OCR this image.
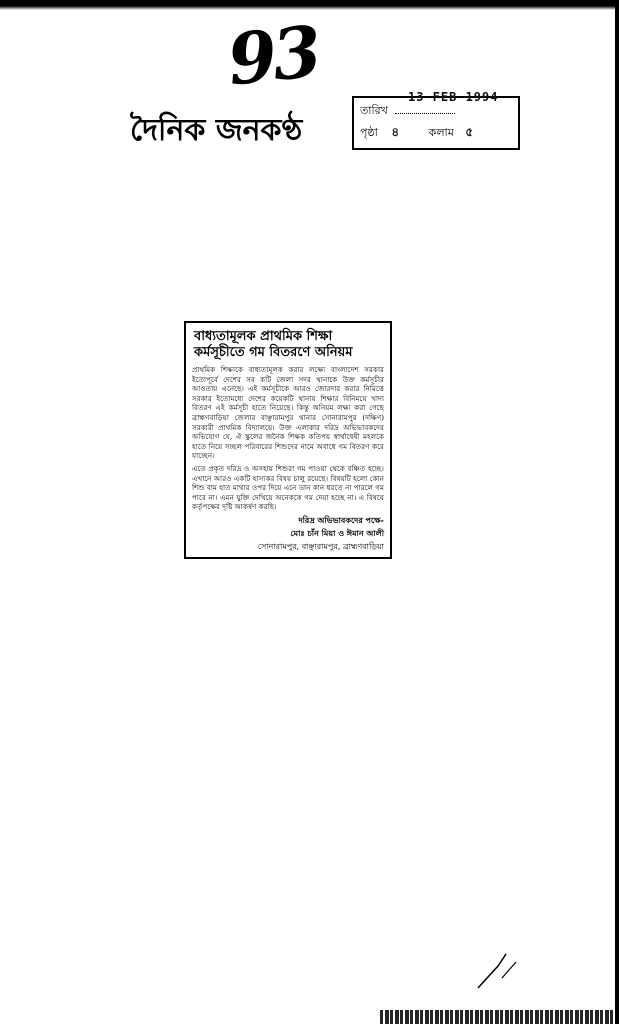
93
দৈনিক জনকণ্ঠ
13 FEB 1994
তারিখ
পৃষ্ঠা ৪	কলাম ৫
বাধ্যতামূলক প্রাথমিক শিক্ষা
কর্মসূচীতে গম বিতরণে অনিয়ম

প্রাথমিক শিক্ষাকে বাধ্যতামূলক করার লক্ষ্যে বাংলাদেশ সরকার ইতোপূর্বে দেশের সব কটি জেলা সদর থানাকে উক্ত কর্মসূচীর আওতায় এনেছে। এই কর্মসূচীকে আরও জোরদার করার নিমিত্তে সরকার ইতোমধ্যে দেশের কয়েকটি থানায় শিক্ষার বিনিময়ে খাদ্য বিতরণ এই কর্মসূচী হাতে নিয়েছে। কিন্তু অনিয়ম লক্ষ্য করা গেছে ব্রাহ্মণবাড়িয়া জেলার বাঞ্ছারামপুর থানার সোনারামপুর (দক্ষিণ) সরকারী প্রাথমিক বিদ্যালয়ে। উক্ত এলাকার দরিদ্র অভিভাবকদের অভিযোগ যে, ঐ স্কুলের জনৈক শিক্ষক কতিপয় স্বার্থান্বেষী মহলকে হাতে নিয়ে সচ্ছল পরিবারের শিশুদের নামে অবাধে গম বিতরণ করে যাচ্ছেন।

এতে প্রকৃত দরিদ্র ও অসহায় শিশুরা গম পাওয়া থেকে বঞ্চিত হচ্ছে। এখানে আরও একটি হাস্যকর বিষয় চালু রয়েছে। বিষয়টি হলো কোন শিশু বাম হাত মাথার ওপর দিয়ে এনে ডান কান ধরতে না পারলে গম পাবে না। এমন যুক্তি দেখিয়ে অনেককে গম দেয়া হচ্ছে না। এ বিষয়ে কর্তৃপক্ষের দৃষ্টি আকর্ষণ করছি।

দরিদ্র অভিভাবকদের পক্ষে-
মোঃ চাঁন মিয়া ও ঈমান আলী
সোনারামপুর, বাঞ্ছারামপুর, ব্রাহ্মণবাড়িয়া
